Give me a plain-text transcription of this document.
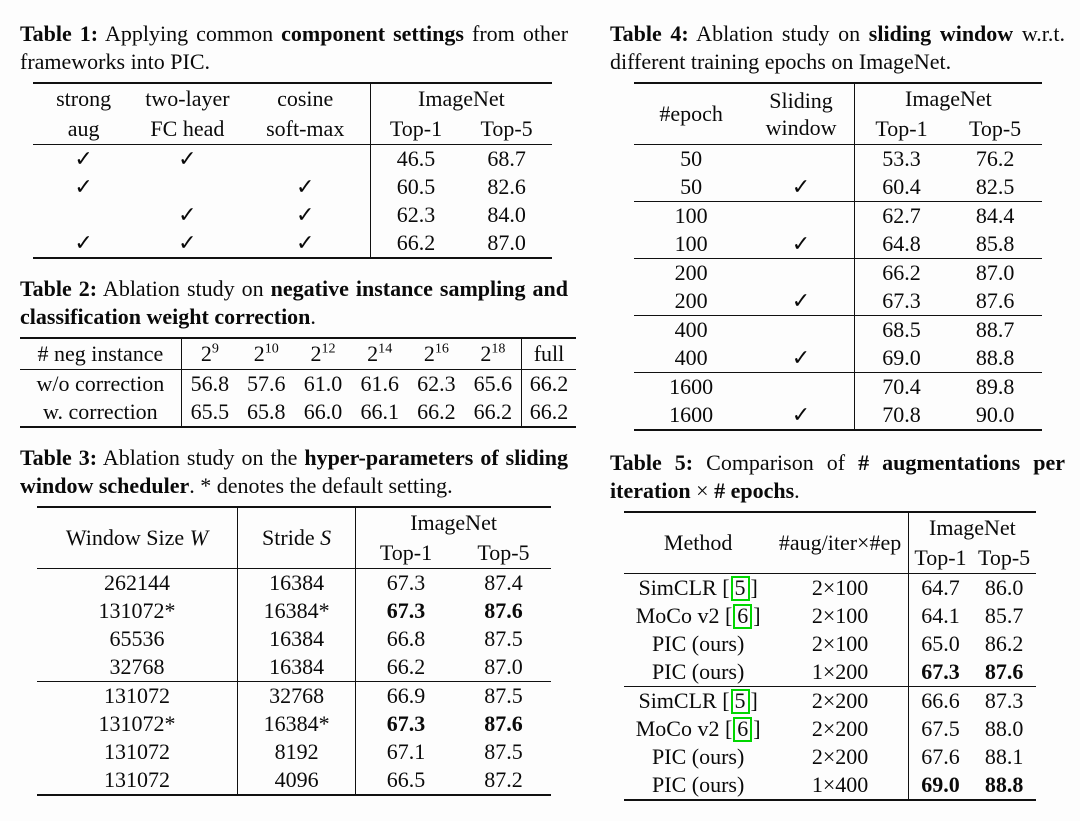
Table 1: Applying common component settings from other frameworks into PIC.

strong	two-layer	cosine	ImageNet	
aug	FC head	soft-max	Top-1	Top-5
✓	✓		46.5	68.7
✓		✓	60.5	82.6
	✓	✓	62.3	84.0
✓	✓	✓	66.2	87.0

Table 2: Ablation study on negative instance sampling and classification weight correction.

# neg instance	$2^9$	$2^{10}$	$2^{12}$	$2^{14}$	$2^{16}$	$2^{18}$	full
w/o correction	56.8	57.6	61.0	61.6	62.3	65.6	66.2
w. correction	65.5	65.8	66.0	66.1	66.2	66.2	66.2

Table 3: Ablation study on the hyper-parameters of sliding window scheduler. * denotes the default setting.

Window Size W	Stride S	ImageNet	
		Top-1	Top-5
262144	16384	67.3	87.4
131072*	16384*	67.3	87.6
65536	16384	66.8	87.5
32768	16384	66.2	87.0
131072	32768	66.9	87.5
131072*	16384*	67.3	87.6
131072	8192	67.1	87.5
131072	4096	66.5	87.2

Table 4: Ablation study on sliding window w.r.t. different training epochs on ImageNet.

#epoch	Sliding
window	ImageNet	
		Top-1	Top-5
50		53.3	76.2
50	✓	60.4	82.5
100		62.7	84.4
100	✓	64.8	85.8
200		66.2	87.0
200	✓	67.3	87.6
400		68.5	88.7
400	✓	69.0	88.8
1600		70.4	89.8
1600	✓	70.8	90.0

Table 5: Comparison of # augmentations per iteration × # epochs.

Method	#aug/iter×#ep	ImageNet	
		Top-1	Top-5
SimCLR [ 5 ]	2×100	64.7	86.0
MoCo v2 [ 6 ]	2×100	64.1	85.7
PIC (ours)	2×100	65.0	86.2
PIC (ours)	1×200	67.3	87.6
SimCLR [ 5 ]	2×200	66.6	87.3
MoCo v2 [ 6 ]	2×200	67.5	88.0
PIC (ours)	2×200	67.6	88.1
PIC (ours)	1×400	69.0	88.8
